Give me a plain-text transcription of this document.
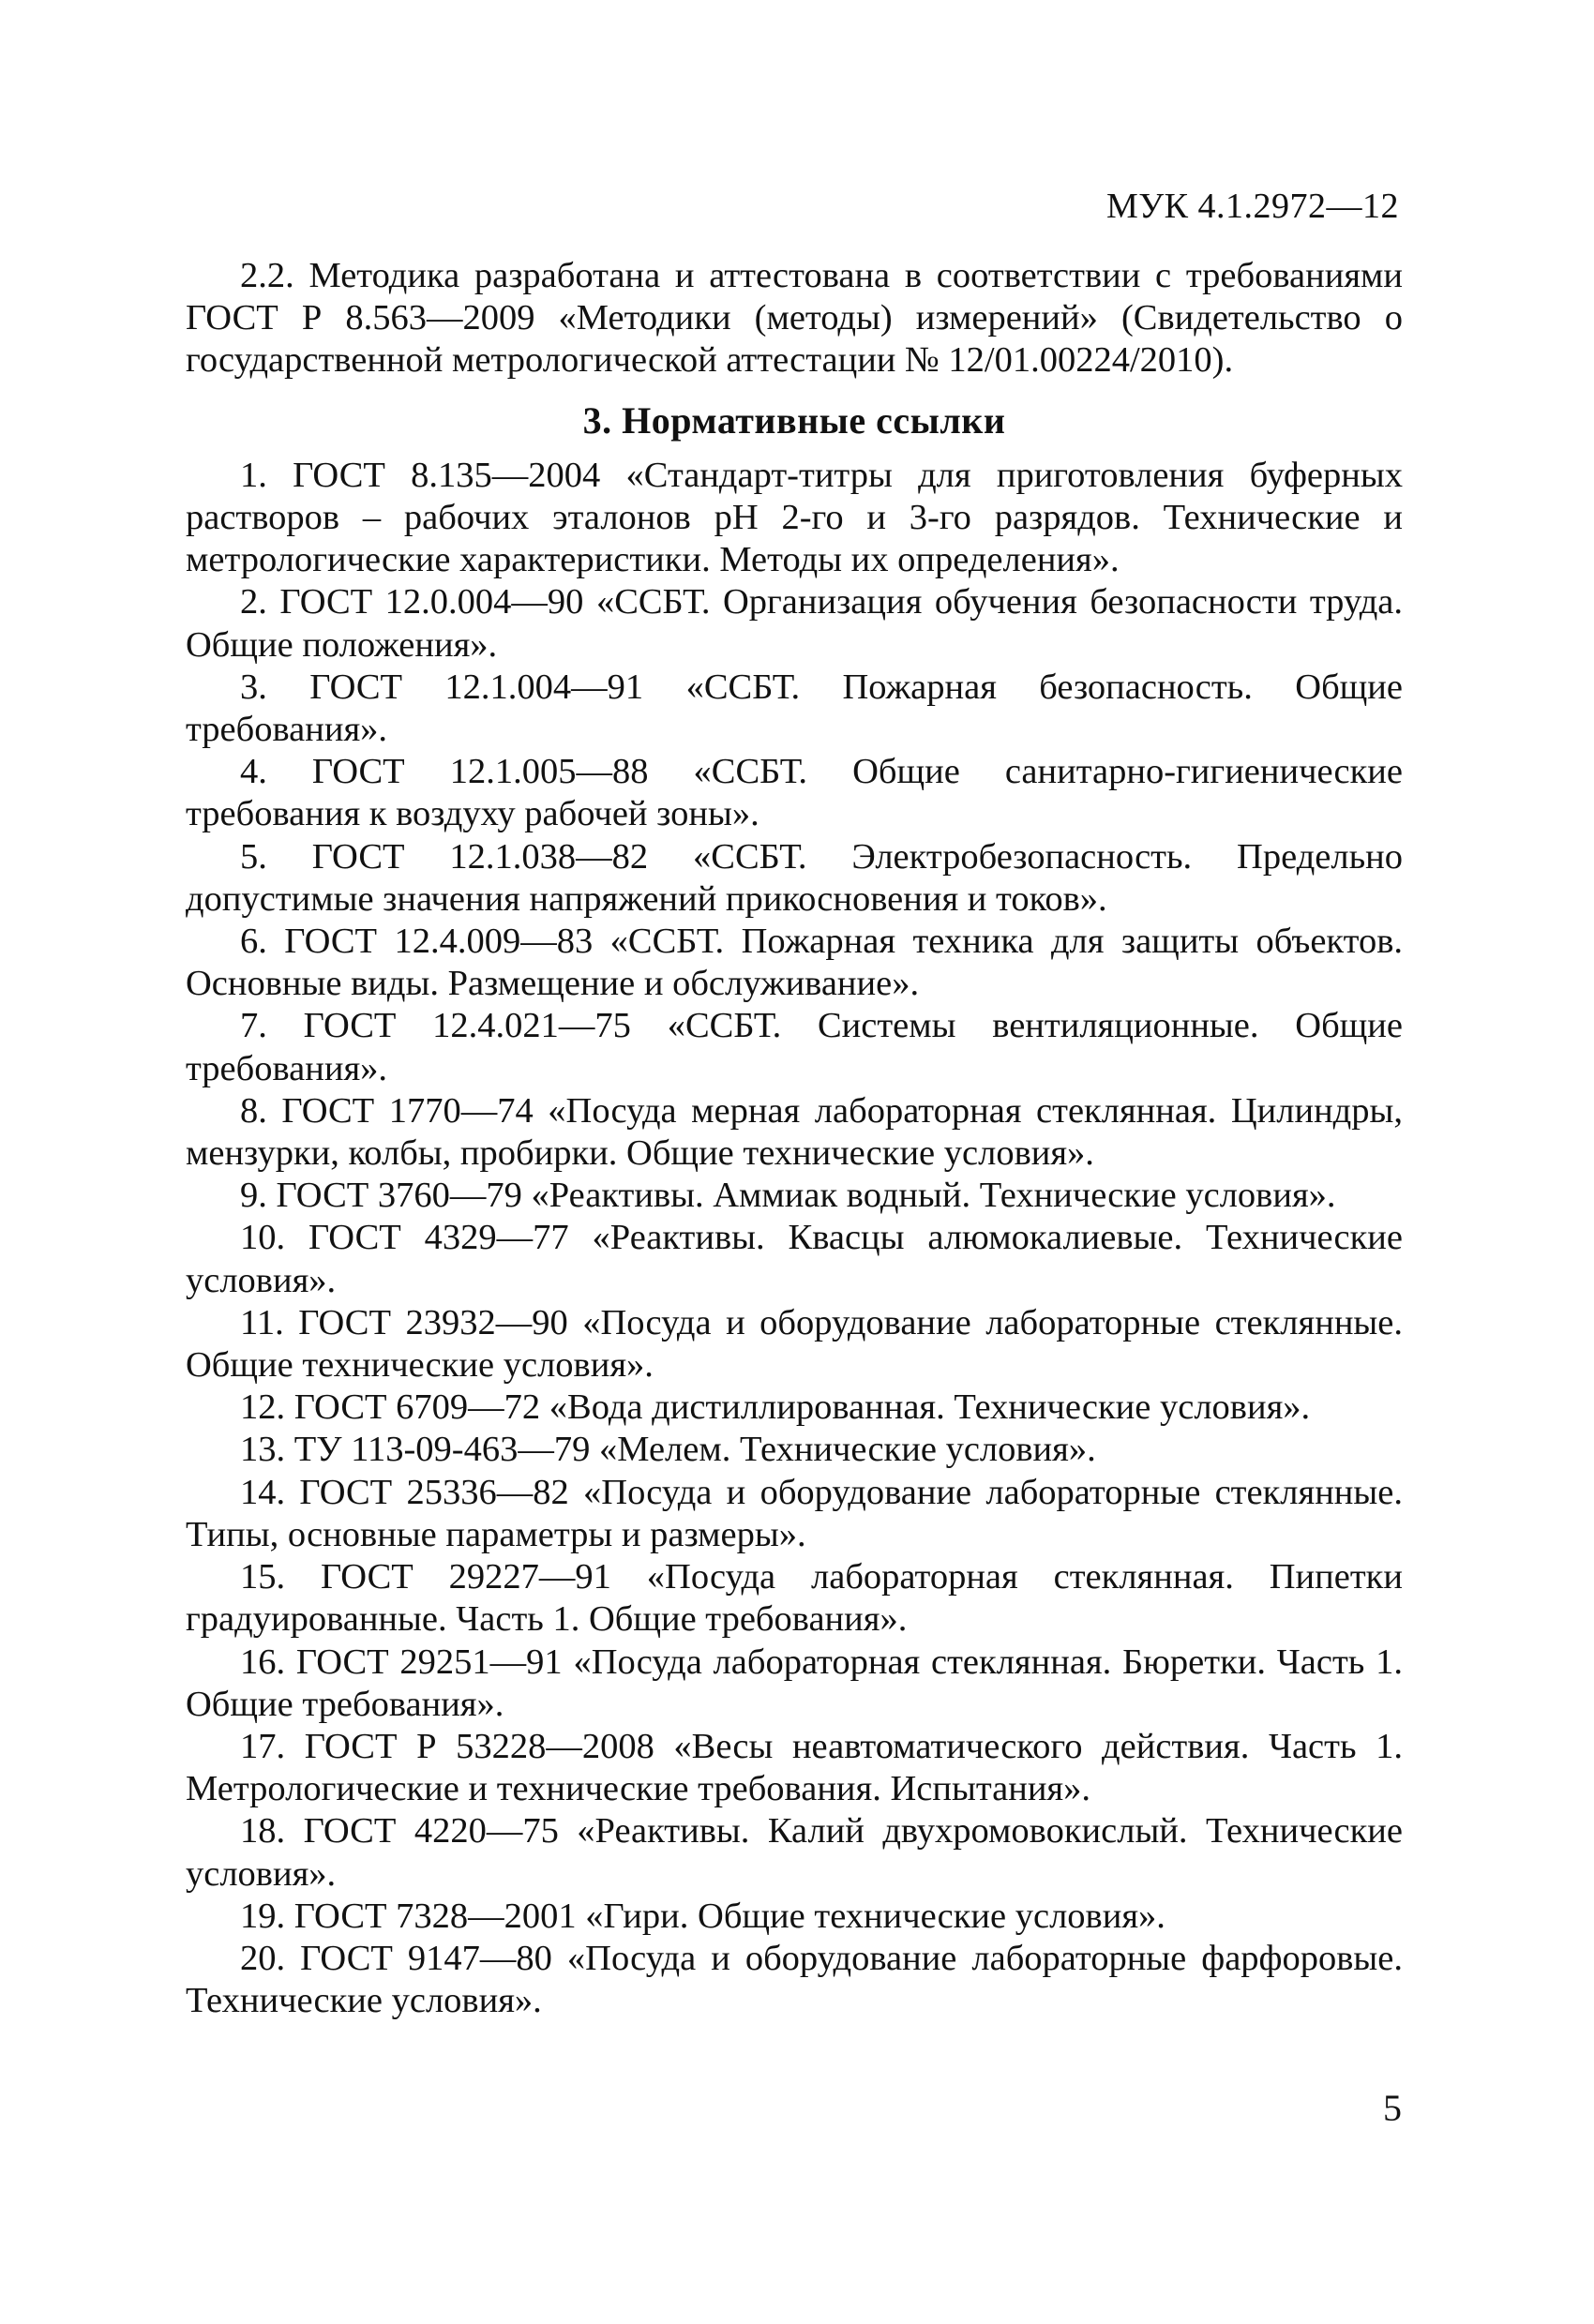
МУК 4.1.2972—12

2.2. Методика разработана и аттестована в соответствии с требованиями ГОСТ Р 8.563—2009 «Методики (методы) измерений» (Свидетельство о государственной метрологической аттестации № 12/01.00224/2010).

3. Нормативные ссылки
1. ГОСТ 8.135—2004 «Стандарт-титры для приготовления буферных растворов – рабочих эталонов pH 2-го и 3-го разрядов. Технические и метрологические характеристики. Методы их определения».
2. ГОСТ 12.0.004—90 «ССБТ. Организация обучения безопасности труда. Общие положения».
3. ГОСТ 12.1.004—91 «ССБТ. Пожарная безопасность. Общие требования».
4. ГОСТ 12.1.005—88 «ССБТ. Общие санитарно-гигиенические требования к воздуху рабочей зоны».
5. ГОСТ 12.1.038—82 «ССБТ. Электробезопасность. Предельно допустимые значения напряжений прикосновения и токов».
6. ГОСТ 12.4.009—83 «ССБТ. Пожарная техника для защиты объектов. Основные виды. Размещение и обслуживание».
7. ГОСТ 12.4.021—75 «ССБТ. Системы вентиляционные. Общие требования».
8. ГОСТ 1770—74 «Посуда мерная лабораторная стеклянная. Цилиндры, мензурки, колбы, пробирки. Общие технические условия».
9. ГОСТ 3760—79 «Реактивы. Аммиак водный. Технические условия».
10. ГОСТ 4329—77 «Реактивы. Квасцы алюмокалиевые. Технические условия».
11. ГОСТ 23932—90 «Посуда и оборудование лабораторные стеклянные. Общие технические условия».
12. ГОСТ 6709—72 «Вода дистиллированная. Технические условия».
13. ТУ 113-09-463—79 «Мелем. Технические условия».
14. ГОСТ 25336—82 «Посуда и оборудование лабораторные стеклянные. Типы, основные параметры и размеры».
15. ГОСТ 29227—91 «Посуда лабораторная стеклянная. Пипетки градуированные. Часть 1. Общие требования».
16. ГОСТ 29251—91 «Посуда лабораторная стеклянная. Бюретки. Часть 1. Общие требования».
17. ГОСТ Р 53228—2008 «Весы неавтоматического действия. Часть 1. Метрологические и технические требования. Испытания».
18. ГОСТ 4220—75 «Реактивы. Калий двухромовокислый. Технические условия».
19. ГОСТ 7328—2001 «Гири. Общие технические условия».
20. ГОСТ 9147—80 «Посуда и оборудование лабораторные фарфоровые. Технические условия».
5
